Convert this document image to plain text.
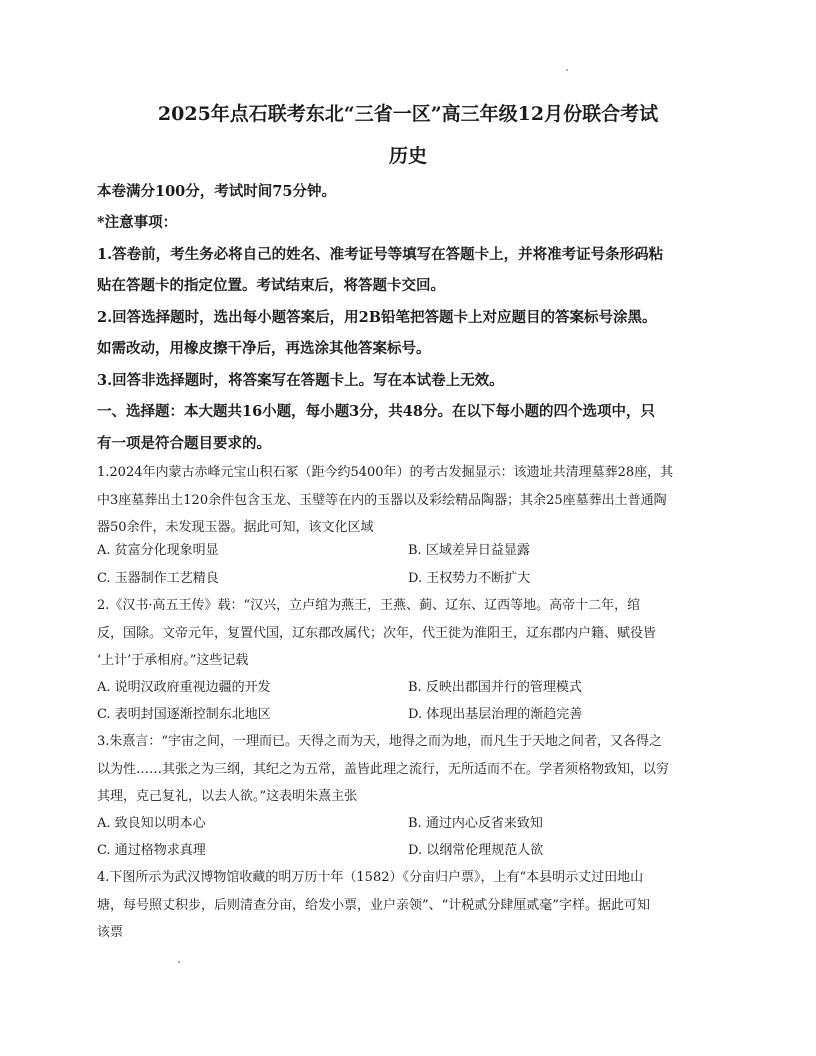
2025年点石联考东北“三省一区”高三年级12月份联合考试
历史
本卷满分100分，考试时间75分钟。
*注意事项：
1.答卷前，考生务必将自己的姓名、准考证号等填写在答题卡上，并将准考证号条形码粘
贴在答题卡的指定位置。考试结束后，将答题卡交回。
2.回答选择题时，选出每小题答案后，用2B铅笔把答题卡上对应题目的答案标号涂黑。
如需改动，用橡皮擦干净后，再选涂其他答案标号。
3.回答非选择题时，将答案写在答题卡上。写在本试卷上无效。
一、选择题：本大题共16小题，每小题3分，共48分。在以下每小题的四个选项中，只
有一项是符合题目要求的。
1.2024年内蒙古赤峰元宝山积石冢（距今约5400年）的考古发掘显示：该遗址共清理墓葬28座，其
中3座墓葬出土120余件包含玉龙、玉璧等在内的玉器以及彩绘精品陶器；其余25座墓葬出土普通陶
器50余件，未发现玉器。据此可知，该文化区域
A. 贫富分化现象明显	B. 区域差异日益显露
C. 玉器制作工艺精良	D. 王权势力不断扩大
2.《汉书·高五王传》载：“汉兴，立卢绾为燕王，王燕、蓟、辽东、辽西等地。高帝十二年，绾
反，国除。文帝元年，复置代国，辽东郡改属代；次年，代王徙为淮阳王，辽东郡内户籍、赋役皆
‘上计’于承相府。”这些记载
A. 说明汉政府重视边疆的开发	B. 反映出郡国并行的管理模式
C. 表明封国逐渐控制东北地区	D. 体现出基层治理的渐趋完善
3.朱熹言：“宇宙之间，一理而已。天得之而为天，地得之而为地，而凡生于天地之间者，又各得之
以为性……其张之为三纲，其纪之为五常，盖皆此理之流行，无所适而不在。学者须格物致知，以穷
其理，克己复礼，以去人欲。”这表明朱熹主张
A. 致良知以明本心	B. 通过内心反省来致知
C. 通过格物求真理	D. 以纲常伦理规范人欲
4.下图所示为武汉博物馆收藏的明万历十年（1582）《分亩归户票》，上有“本县明示丈过田地山
塘，每号照丈积步，后则清查分亩，给发小票，业户亲领”、“计税贰分肆厘贰毫”字样。据此可知
该票
